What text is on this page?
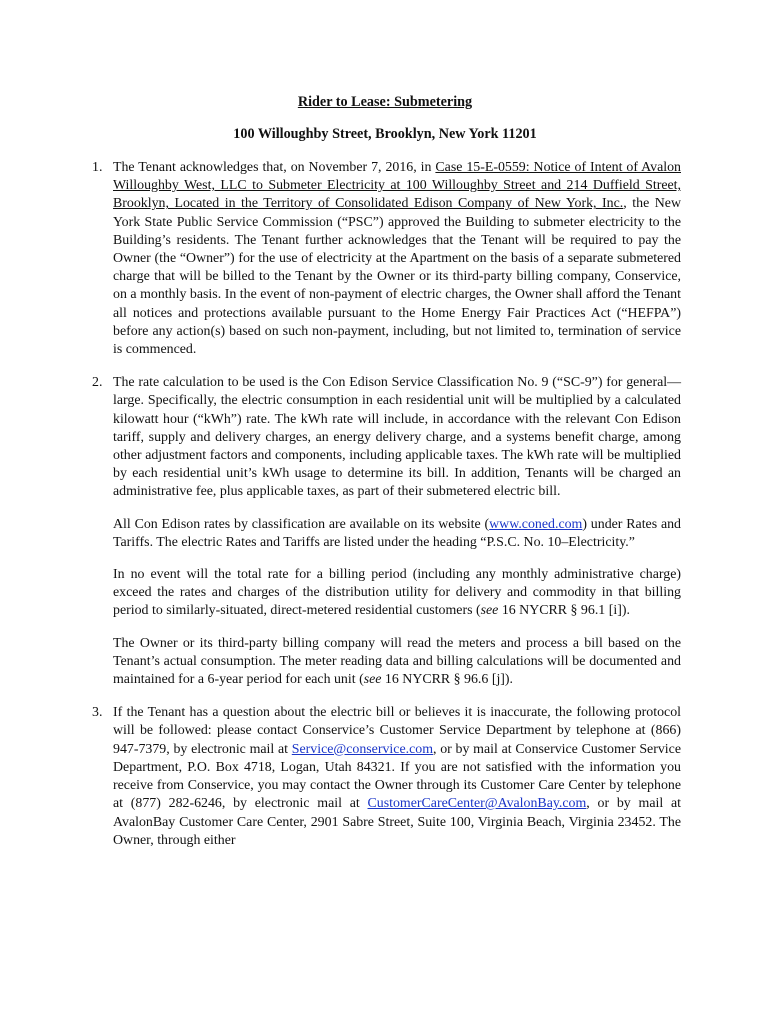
Rider to Lease: Submetering
100 Willoughby Street, Brooklyn, New York 11201
1. The Tenant acknowledges that, on November 7, 2016, in Case 15-E-0559: Notice of Intent of Avalon Willoughby West, LLC to Submeter Electricity at 100 Willoughby Street and 214 Duffield Street, Brooklyn, Located in the Territory of Consolidated Edison Company of New York, Inc., the New York State Public Service Commission (“PSC”) approved the Building to submeter electricity to the Building’s residents. The Tenant further acknowledges that the Tenant will be required to pay the Owner (the “Owner”) for the use of electricity at the Apartment on the basis of a separate submetered charge that will be billed to the Tenant by the Owner or its third-party billing company, Conservice, on a monthly basis. In the event of non-payment of electric charges, the Owner shall afford the Tenant all notices and protections available pursuant to the Home Energy Fair Practices Act (“HEFPA”) before any action(s) based on such non-payment, including, but not limited to, termination of service is commenced.

2. The rate calculation to be used is the Con Edison Service Classification No. 9 (“SC-9”) for general—large. Specifically, the electric consumption in each residential unit will be multiplied by a calculated kilowatt hour (“kWh”) rate. The kWh rate will include, in accordance with the relevant Con Edison tariff, supply and delivery charges, an energy delivery charge, and a systems benefit charge, among other adjustment factors and components, including applicable taxes. The kWh rate will be multiplied by each residential unit’s kWh usage to determine its bill. In addition, Tenants will be charged an administrative fee, plus applicable taxes, as part of their submetered electric bill.

All Con Edison rates by classification are available on its website (www.coned.com) under Rates and Tariffs. The electric Rates and Tariffs are listed under the heading “P.S.C. No. 10–Electricity.”

In no event will the total rate for a billing period (including any monthly administrative charge) exceed the rates and charges of the distribution utility for delivery and commodity in that billing period to similarly-situated, direct-metered residential customers (see 16 NYCRR § 96.1 [i]).

The Owner or its third-party billing company will read the meters and process a bill based on the Tenant’s actual consumption. The meter reading data and billing calculations will be documented and maintained for a 6-year period for each unit (see 16 NYCRR § 96.6 [j]).

3. If the Tenant has a question about the electric bill or believes it is inaccurate, the following protocol will be followed: please contact Conservice’s Customer Service Department by telephone at (866) 947-7379, by electronic mail at Service@conservice.com, or by mail at Conservice Customer Service Department, P.O. Box 4718, Logan, Utah 84321. If you are not satisfied with the information you receive from Conservice, you may contact the Owner through its Customer Care Center by telephone at (877) 282-6246, by electronic mail at CustomerCareCenter@AvalonBay.com, or by mail at AvalonBay Customer Care Center, 2901 Sabre Street, Suite 100, Virginia Beach, Virginia 23452. The Owner, through either
